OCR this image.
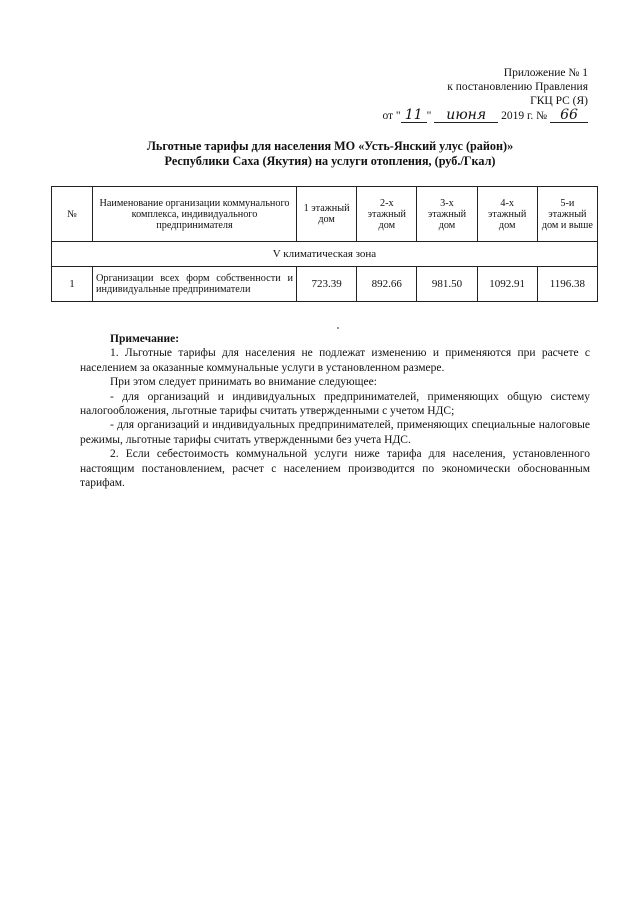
Приложение № 1
к постановлению Правления
ГКЦ РС (Я)
от " 11 " июня 2019 г. № 66
Льготные тарифы для населения МО «Усть-Янский улус (район)»
Республики Саха (Якутия) на услуги отопления, (руб./Гкал)
№	Наименование организации коммунального комплекса, индивидуального предпринимателя	1 этажный дом	2-х этажный дом	3-х этажный дом	4-х этажный дом	5-и этажный дом и выше
V климатическая зона						
1	Организации всех форм собственности и индивидуальные предприниматели	723.39	892.66	981.50	1092.91	1196.38
Примечание:

1. Льготные тарифы для населения не подлежат изменению и применяются при расчете с населением за оказанные коммунальные услуги в установленном размере.

При этом следует принимать во внимание следующее:

- для организаций и индивидуальных предпринимателей, применяющих общую систему налогообложения, льготные тарифы считать утвержденными с учетом НДС;

- для организаций и индивидуальных предпринимателей, применяющих специальные налоговые режимы, льготные тарифы считать утвержденными без учета НДС.

2. Если себестоимость коммунальной услуги ниже тарифа для населения, установленного настоящим постановлением, расчет с населением производится по экономически обоснованным тарифам.
